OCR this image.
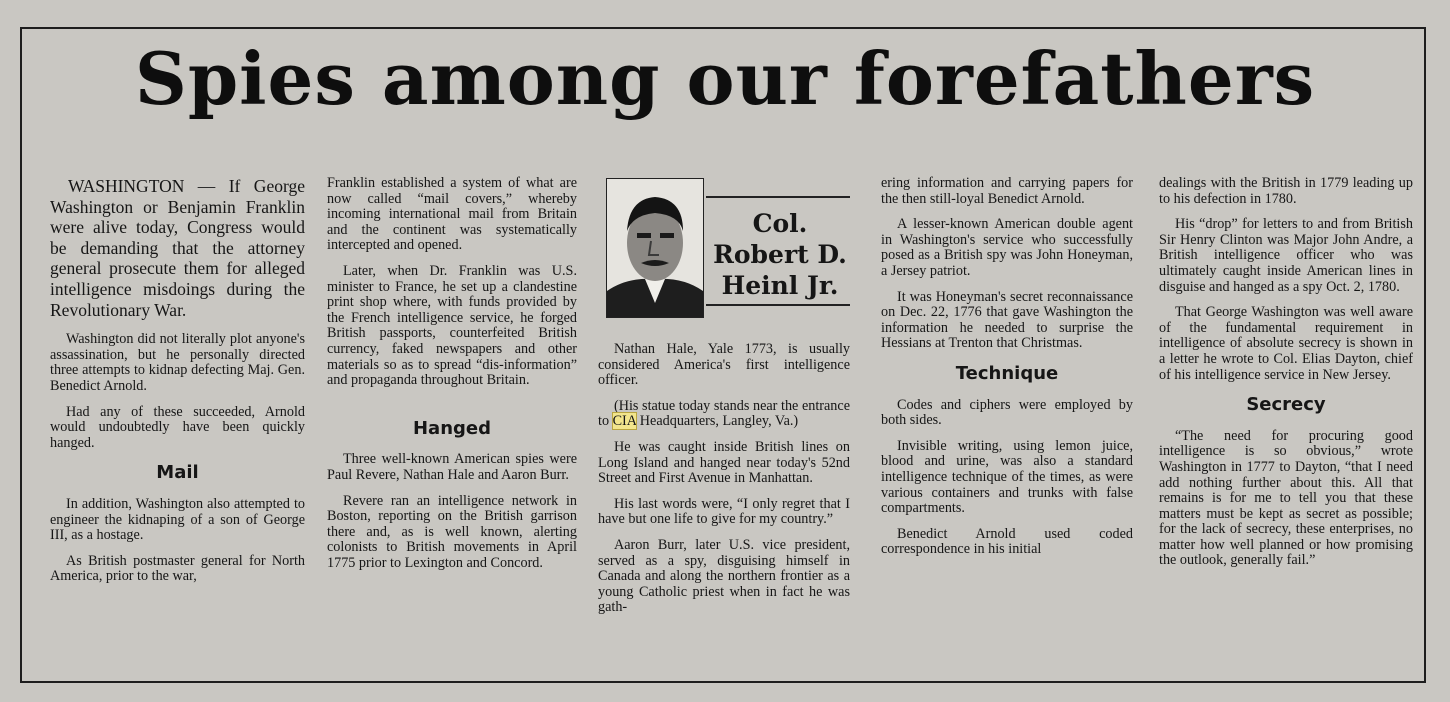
Spies among our forefathers

WASHINGTON — If George Washington or Benjamin Franklin were alive today, Congress would be demanding that the attorney general prosecute them for alleged intelligence misdoings during the Revolutionary War.

Washington did not literally plot anyone's assassination, but he personally directed three attempts to kidnap defecting Maj. Gen. Benedict Arnold.

Had any of these succeeded, Arnold would undoubtedly have been quickly hanged.

Mail

In addition, Washington also attempted to engineer the kidnaping of a son of George III, as a hostage.

As British postmaster general for North America, prior to the war,

Franklin established a system of what are now called “mail covers,” whereby incoming international mail from Britain and the continent was systematically intercepted and opened.

Later, when Dr. Franklin was U.S. minister to France, he set up a clandestine print shop where, with funds provided by the French intelligence service, he forged British passports, counterfeited British currency, faked newspapers and other materials so as to spread “dis-information” and propaganda throughout Britain.

Hanged

Three well-known American spies were Paul Revere, Nathan Hale and Aaron Burr.

Revere ran an intelligence network in Boston, reporting on the British garrison there and, as is well known, alerting colonists to British movements in April 1775 prior to Lexington and Concord.

Col.
Robert D.
Heinl Jr.

Nathan Hale, Yale 1773, is usually considered America's first intelligence officer.

(His statue today stands near the entrance to CIA Headquarters, Langley, Va.)

He was caught inside British lines on Long Island and hanged near today's 52nd Street and First Avenue in Manhattan.

His last words were, “I only regret that I have but one life to give for my country.”

Aaron Burr, later U.S. vice president, served as a spy, disguising himself in Canada and along the northern frontier as a young Catholic priest when in fact he was gath-

ering information and carrying papers for the then still-loyal Benedict Arnold.

A lesser-known American double agent in Washington's service who successfully posed as a British spy was John Honeyman, a Jersey patriot.

It was Honeyman's secret reconnaissance on Dec. 22, 1776 that gave Washington the information he needed to surprise the Hessians at Trenton that Christmas.

Technique

Codes and ciphers were employed by both sides.

Invisible writing, using lemon juice, blood and urine, was also a standard intelligence technique of the times, as were various containers and trunks with false compartments.

Benedict Arnold used coded correspondence in his initial

dealings with the British in 1779 leading up to his defection in 1780.

His “drop” for letters to and from British Sir Henry Clinton was Major John Andre, a British intelligence officer who was ultimately caught inside American lines in disguise and hanged as a spy Oct. 2, 1780.

That George Washington was well aware of the fundamental requirement in intelligence of absolute secrecy is shown in a letter he wrote to Col. Elias Dayton, chief of his intelligence service in New Jersey.

Secrecy

“The need for procuring good intelligence is so obvious,” wrote Washington in 1777 to Dayton, “that I need add nothing further about this. All that remains is for me to tell you that these matters must be kept as secret as possible; for the lack of secrecy, these enterprises, no matter how well planned or how promising the outlook, generally fail.”
